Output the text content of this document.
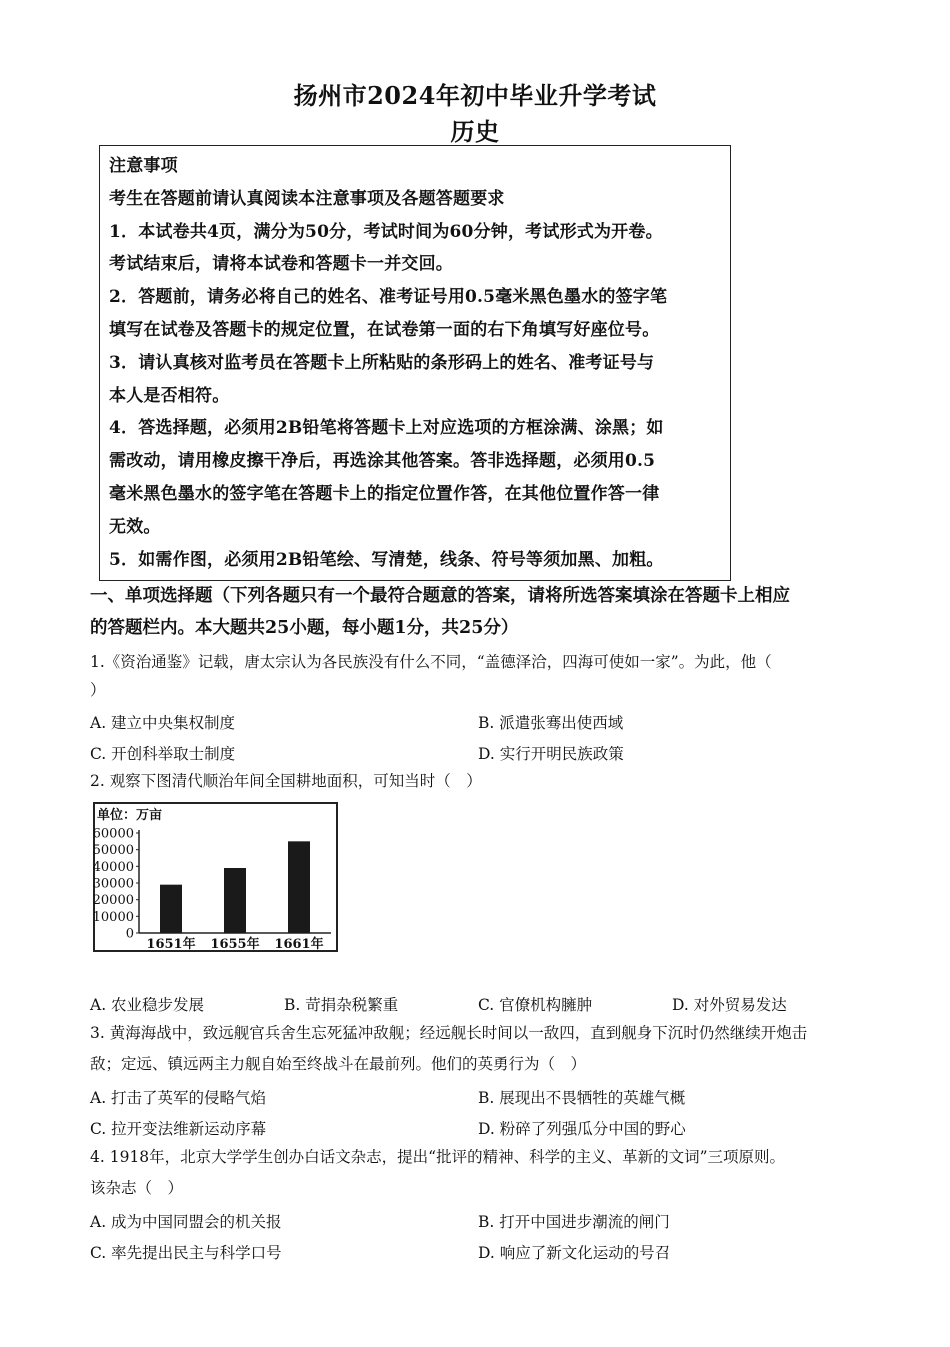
扬州市2024年初中毕业升学考试
历史

注意事项

考生在答题前请认真阅读本注意事项及各题答题要求

1．本试卷共4页，满分为50分，考试时间为60分钟，考试形式为开卷。

考试结束后，请将本试卷和答题卡一并交回。

2．答题前，请务必将自己的姓名、准考证号用0.5毫米黑色墨水的签字笔

填写在试卷及答题卡的规定位置，在试卷第一面的右下角填写好座位号。

3．请认真核对监考员在答题卡上所粘贴的条形码上的姓名、准考证号与

本人是否相符。

4．答选择题，必须用2B铅笔将答题卡上对应选项的方框涂满、涂黑；如

需改动，请用橡皮擦干净后，再选涂其他答案。答非选择题，必须用0.5

毫米黑色墨水的签字笔在答题卡上的指定位置作答，在其他位置作答一律

无效。

5．如需作图，必须用2B铅笔绘、写清楚，线条、符号等须加黑、加粗。

一、单项选择题（下列各题只有一个最符合题意的答案，请将所选答案填涂在答题卡上相应
的答题栏内。本大题共25小题，每小题1分，共25分）
1.《资治通鉴》记载，唐太宗认为各民族没有什么不同，“盖德泽洽，四海可使如一家”。为此，他（
）
A. 建立中央集权制度	B. 派遣张骞出使西域
C. 开创科举取士制度	D. 实行开明民族政策
2. 观察下图清代顺治年间全国耕地面积，可知当时（　）
单位：万亩
0
10000
20000
30000
40000
50000
60000
1651年 1655年 1661年
A. 农业稳步发展	B. 苛捐杂税繁重	C. 官僚机构臃肿	D. 对外贸易发达
3. 黄海海战中，致远舰官兵舍生忘死猛冲敌舰；经远舰长时间以一敌四，直到舰身下沉时仍然继续开炮击
敌；定远、镇远两主力舰自始至终战斗在最前列。他们的英勇行为（　）
A. 打击了英军的侵略气焰	B. 展现出不畏牺牲的英雄气概
C. 拉开变法维新运动序幕	D. 粉碎了列强瓜分中国的野心
4. 1918年，北京大学学生创办白话文杂志，提出“批评的精神、科学的主义、革新的文词”三项原则。
该杂志（　）
A. 成为中国同盟会的机关报	B. 打开中国进步潮流的闸门
C. 率先提出民主与科学口号	D. 响应了新文化运动的号召
